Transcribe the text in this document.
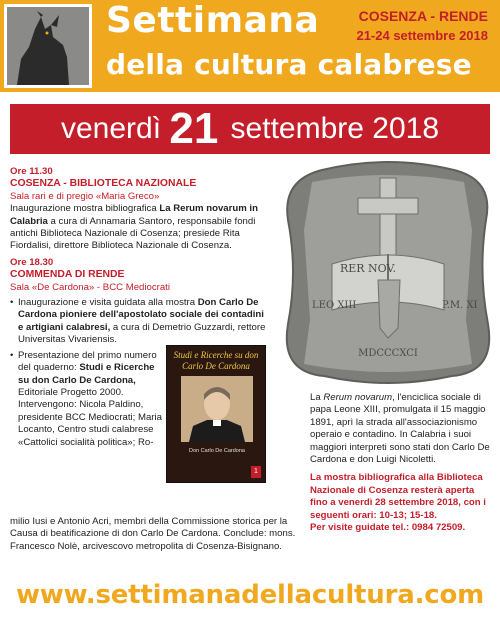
Settimana
della cultura calabrese
COSENZA - RENDE
21-24 settembre 2018
venerdì 21 settembre 2018
Ore 11.30
COSENZA - BIBLIOTECA NAZIONALE
Sala rari e di pregio «Maria Greco»
Inaugurazione mostra bibliografica La Rerum novarum in Calabria a cura di Annamaria Santoro, responsabile fondi antichi Biblioteca Nazionale di Cosenza; presiede Rita Fiordalisi, direttore Biblioteca Nazionale di Cosenza.
Ore 18.30
COMMENDA DI RENDE
Sala «De Cardona» - BCC Mediocrati
• Inaugurazione e visita guidata alla mostra Don Carlo De Cardona pioniere dell'apostolato sociale dei contadini e artigiani calabresi, a cura di Demetrio Guzzardi, rettore Universitas Vivariensis.
• Presentazione del primo numero del quaderno: Studi e Ricerche su don Carlo De Cardona, Editoriale Progetto 2000. Intervengono: Nicola Paldino, presidente BCC Mediocrati; Maria Locanto, Centro studi calabrese «Cattolici socialità politica»; Ro-
Studi e Ricerche su don Carlo De Cardona
Don Carlo De Cardona
1
milio Iusi e Antonio Acri, membri della Commissione storica per la Causa di beatificazione di don Carlo De Cardona. Conclude: mons. Francesco Nolè, arcivescovo metropolita di Cosenza-Bisignano.
RER NOV.
LEO XIII	P.M. XI
MDCCCXCI
La Rerum novarum, l'enciclica sociale di papa Leone XIII, promulgata il 15 maggio 1891, aprì la strada all'associazionismo operaio e contadino. In Calabria i suoi maggiori interpreti sono stati don Carlo De Cardona e don Luigi Nicoletti.
La mostra bibliografica alla Biblioteca Nazionale di Cosenza resterà aperta fino a venerdì 28 settembre 2018, con i seguenti orari: 10-13; 15-18.
Per visite guidate tel.: 0984 72509.
www.settimanadellacultura.com
